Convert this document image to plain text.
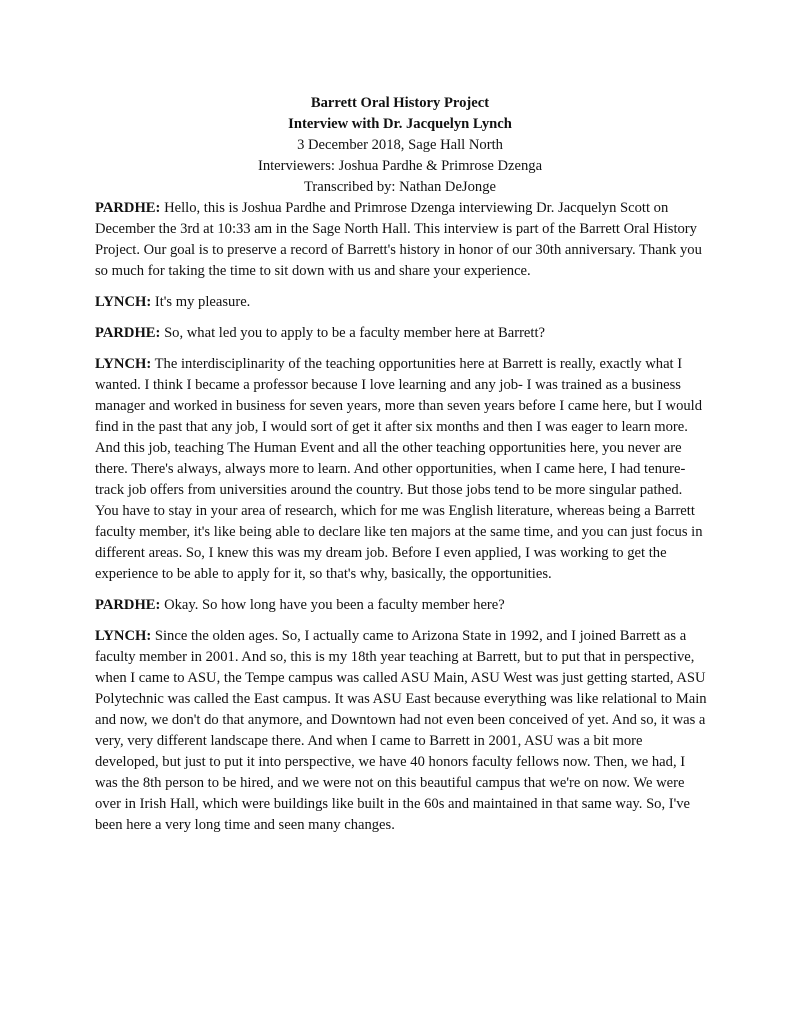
Barrett Oral History Project
Interview with Dr. Jacquelyn Lynch
3 December 2018, Sage Hall North
Interviewers: Joshua Pardhe & Primrose Dzenga
Transcribed by: Nathan DeJonge

PARDHE: Hello, this is Joshua Pardhe and Primrose Dzenga interviewing Dr. Jacquelyn Scott on December the 3rd at 10:33 am in the Sage North Hall. This interview is part of the Barrett Oral History Project. Our goal is to preserve a record of Barrett's history in honor of our 30th anniversary. Thank you so much for taking the time to sit down with us and share your experience.

LYNCH: It's my pleasure.

PARDHE: So, what led you to apply to be a faculty member here at Barrett?

LYNCH: The interdisciplinarity of the teaching opportunities here at Barrett is really, exactly what I wanted. I think I became a professor because I love learning and any job- I was trained as a business manager and worked in business for seven years, more than seven years before I came here, but I would find in the past that any job, I would sort of get it after six months and then I was eager to learn more. And this job, teaching The Human Event and all the other teaching opportunities here, you never are there. There's always, always more to learn. And other opportunities, when I came here, I had tenure-track job offers from universities around the country. But those jobs tend to be more singular pathed. You have to stay in your area of research, which for me was English literature, whereas being a Barrett faculty member, it's like being able to declare like ten majors at the same time, and you can just focus in different areas. So, I knew this was my dream job. Before I even applied, I was working to get the experience to be able to apply for it, so that's why, basically, the opportunities.

PARDHE: Okay. So how long have you been a faculty member here?

LYNCH: Since the olden ages. So, I actually came to Arizona State in 1992, and I joined Barrett as a faculty member in 2001. And so, this is my 18th year teaching at Barrett, but to put that in perspective, when I came to ASU, the Tempe campus was called ASU Main, ASU West was just getting started, ASU Polytechnic was called the East campus. It was ASU East because everything was like relational to Main and now, we don't do that anymore, and Downtown had not even been conceived of yet. And so, it was a very, very different landscape there. And when I came to Barrett in 2001, ASU was a bit more developed, but just to put it into perspective, we have 40 honors faculty fellows now. Then, we had, I was the 8th person to be hired, and we were not on this beautiful campus that we're on now. We were over in Irish Hall, which were buildings like built in the 60s and maintained in that same way. So, I've been here a very long time and seen many changes.
